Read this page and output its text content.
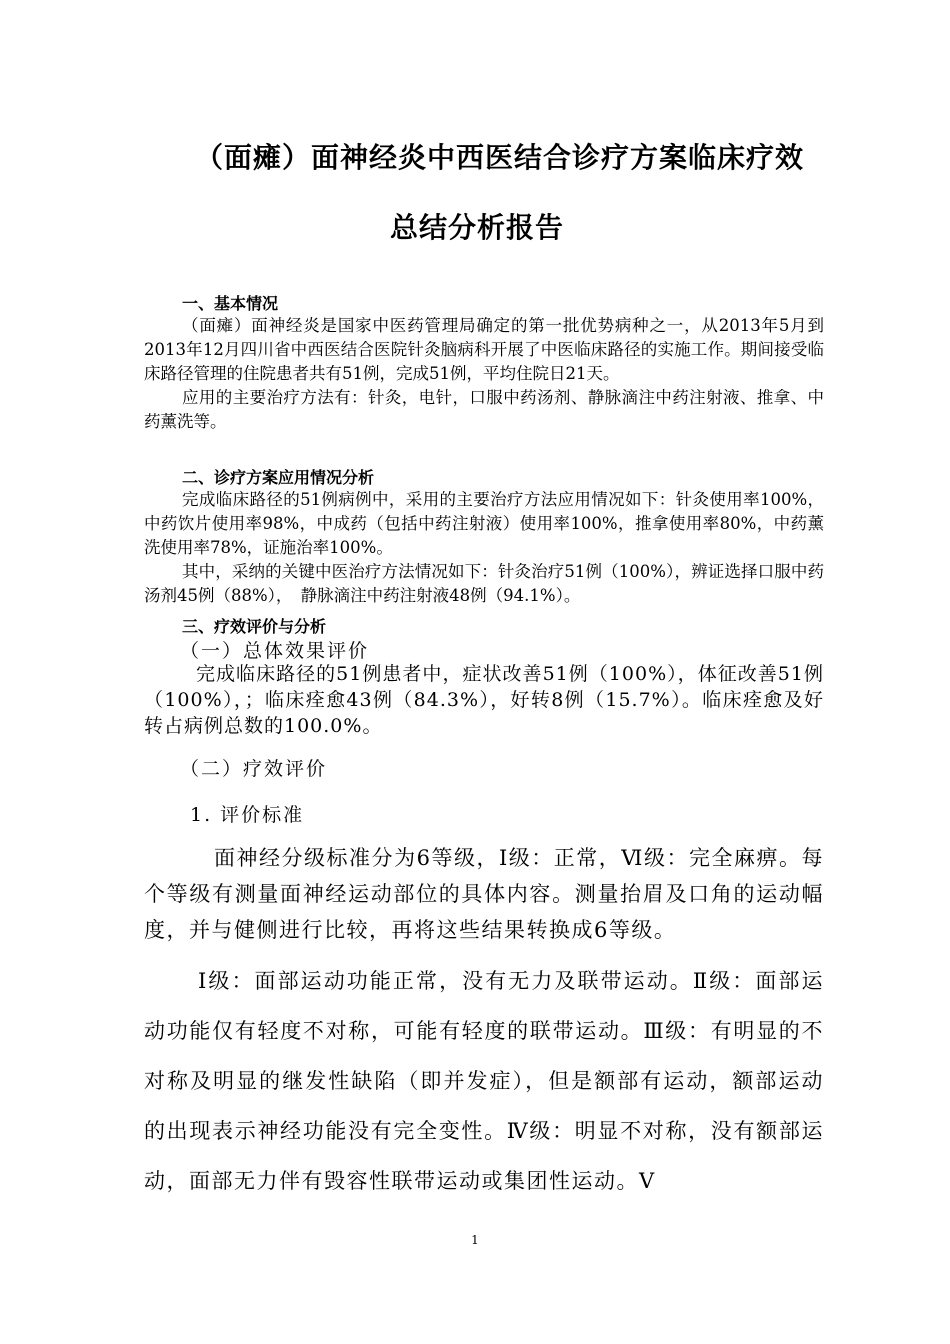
（面瘫）面神经炎中西医结合诊疗方案临床疗效
总结分析报告
一、基本情况

（面瘫）面神经炎是国家中医药管理局确定的第一批优势病种之一，从2013年5月到2013年12月四川省中西医结合医院针灸脑病科开展了中医临床路径的实施工作。期间接受临床路径管理的住院患者共有51例，完成51例，平均住院日21天。

应用的主要治疗方法有：针灸，电针，口服中药汤剂、静脉滴注中药注射液、推拿、中药薰洗等。

二、诊疗方案应用情况分析

完成临床路径的51例病例中，采用的主要治疗方法应用情况如下：针灸使用率100%，中药饮片使用率98%，中成药（包括中药注射液）使用率100%，推拿使用率80%，中药薰洗使用率78%，证施治率100%。

其中，采纳的关键中医治疗方法情况如下：针灸治疗51例（100%），辨证选择口服中药汤剂45例（88%），　静脉滴注中药注射液48例（94.1%）。

三、疗效评价与分析
（一）总体效果评价

完成临床路径的51例患者中，症状改善51例（100%），体征改善51例（100%），；临床痊愈43例（84.3%），好转8例（15.7%）。临床痊愈及好转占病例总数的100.0%。

（二）疗效评价
1. 评价标准

面神经分级标准分为6等级，Ⅰ级：正常，Ⅵ级：完全麻痹。每个等级有测量面神经运动部位的具体内容。测量抬眉及口角的运动幅度，并与健侧进行比较，再将这些结果转换成6等级。

Ⅰ级：面部运动功能正常，没有无力及联带运动。Ⅱ级：面部运动功能仅有轻度不对称，可能有轻度的联带运动。Ⅲ级：有明显的不对称及明显的继发性缺陷（即并发症），但是额部有运动，额部运动的出现表示神经功能没有完全变性。Ⅳ级：明显不对称，没有额部运动，面部无力伴有毁容性联带运动或集团性运动。Ⅴ

1
